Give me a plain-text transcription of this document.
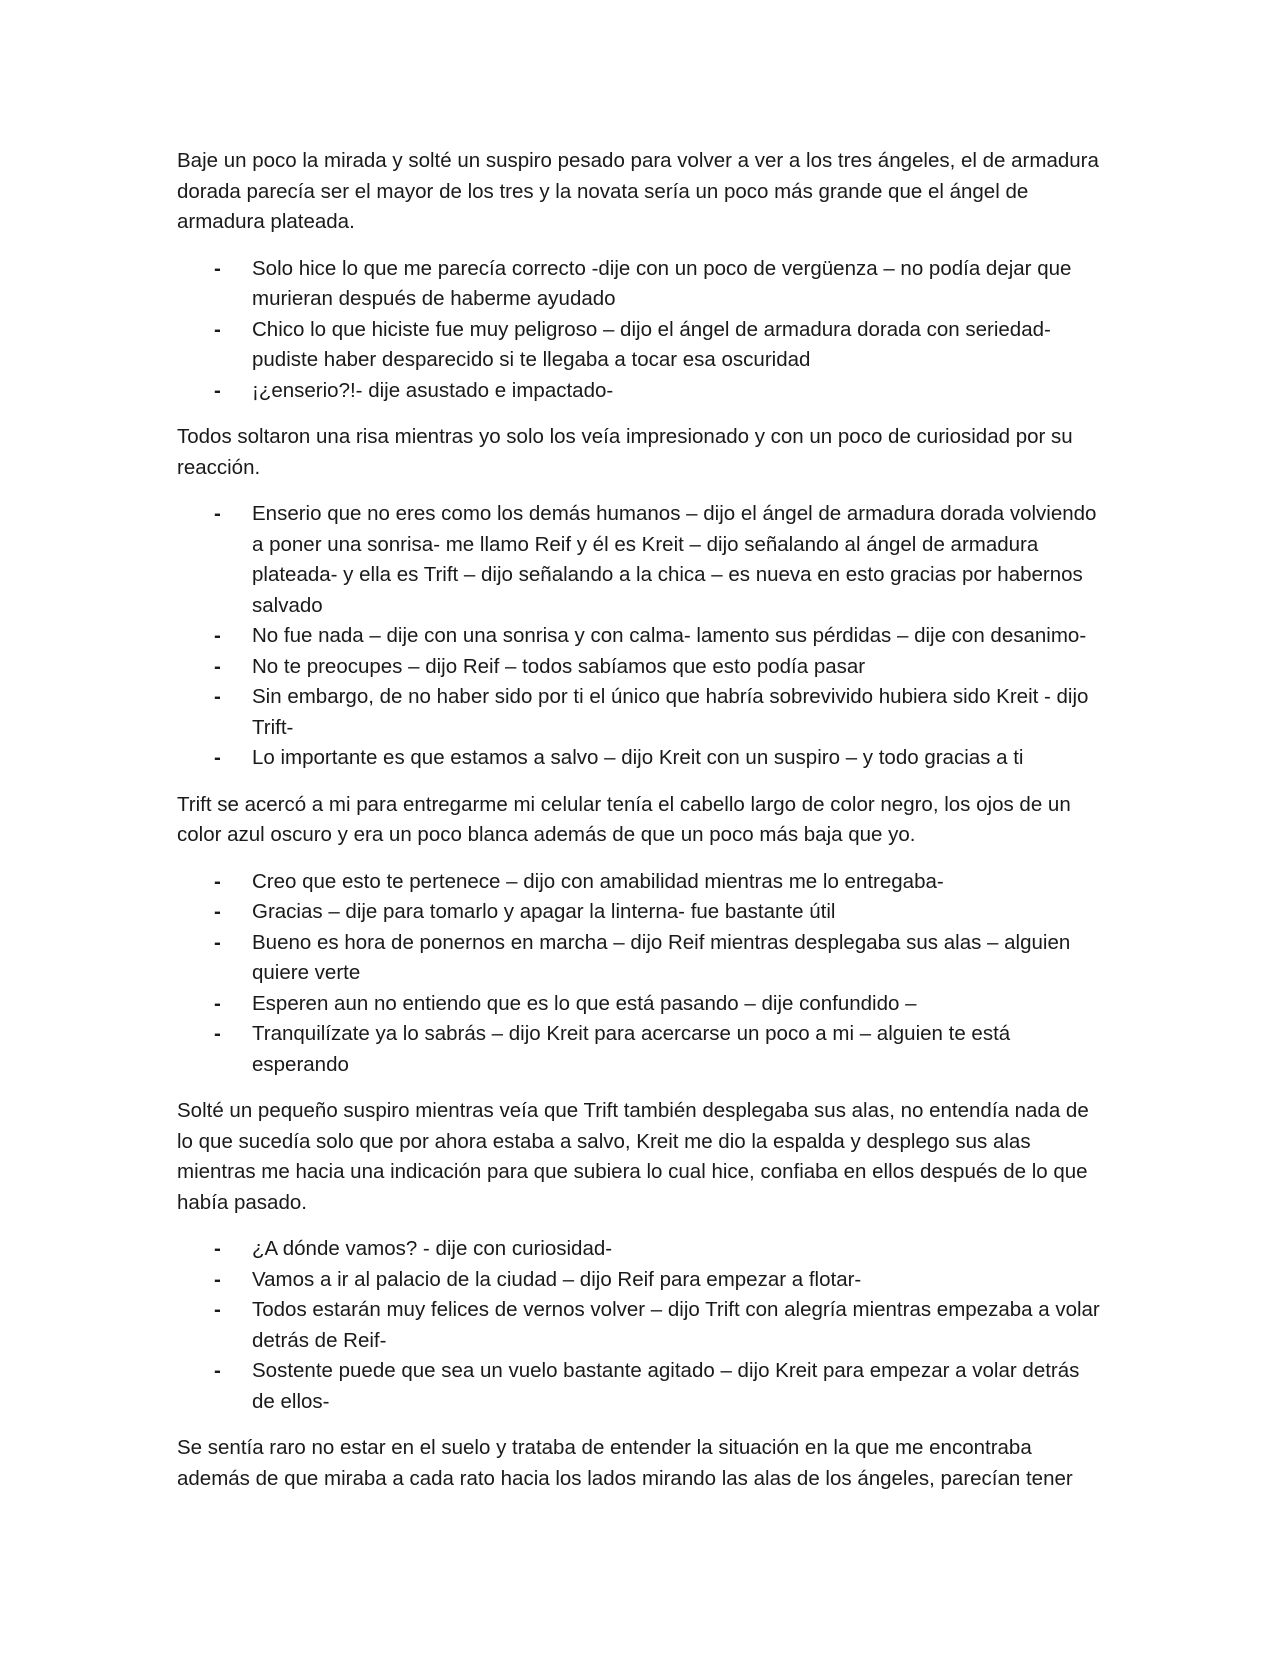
Baje un poco la mirada y solté un suspiro pesado para volver a ver a los tres ángeles, el de armadura dorada parecía ser el mayor de los tres y la novata sería un poco más grande que el ángel de armadura plateada.

- Solo hice lo que me parecía correcto -dije con un poco de vergüenza – no podía dejar que murieran después de haberme ayudado
- Chico lo que hiciste fue muy peligroso – dijo el ángel de armadura dorada con seriedad- pudiste haber desparecido si te llegaba a tocar esa oscuridad
- ¡¿enserio?!- dije asustado e impactado-

Todos soltaron una risa mientras yo solo los veía impresionado y con un poco de curiosidad por su reacción.

- Enserio que no eres como los demás humanos – dijo el ángel de armadura dorada volviendo a poner una sonrisa- me llamo Reif y él es Kreit – dijo señalando al ángel de armadura plateada- y ella es Trift – dijo señalando a la chica – es nueva en esto gracias por habernos salvado
- No fue nada – dije con una sonrisa y con calma- lamento sus pérdidas – dije con desanimo-
- No te preocupes – dijo Reif – todos sabíamos que esto podía pasar
- Sin embargo, de no haber sido por ti el único que habría sobrevivido hubiera sido Kreit - dijo Trift-
- Lo importante es que estamos a salvo – dijo Kreit con un suspiro – y todo gracias a ti

Trift se acercó a mi para entregarme mi celular tenía el cabello largo de color negro, los ojos de un color azul oscuro y era un poco blanca además de que un poco más baja que yo.

- Creo que esto te pertenece – dijo con amabilidad mientras me lo entregaba-
- Gracias – dije para tomarlo y apagar la linterna- fue bastante útil
- Bueno es hora de ponernos en marcha – dijo Reif mientras desplegaba sus alas – alguien quiere verte
- Esperen aun no entiendo que es lo que está pasando – dije confundido –
- Tranquilízate ya lo sabrás – dijo Kreit para acercarse un poco a mi – alguien te está esperando

Solté un pequeño suspiro mientras veía que Trift también desplegaba sus alas, no entendía nada de lo que sucedía solo que por ahora estaba a salvo, Kreit me dio la espalda y desplego sus alas mientras me hacia una indicación para que subiera lo cual hice, confiaba en ellos después de lo que había pasado.

- ¿A dónde vamos? - dije con curiosidad-
- Vamos a ir al palacio de la ciudad – dijo Reif para empezar a flotar-
- Todos estarán muy felices de vernos volver – dijo Trift con alegría mientras empezaba a volar detrás de Reif-
- Sostente puede que sea un vuelo bastante agitado – dijo Kreit para empezar a volar detrás de ellos-

Se sentía raro no estar en el suelo y trataba de entender la situación en la que me encontraba además de que miraba a cada rato hacia los lados mirando las alas de los ángeles, parecían tener
